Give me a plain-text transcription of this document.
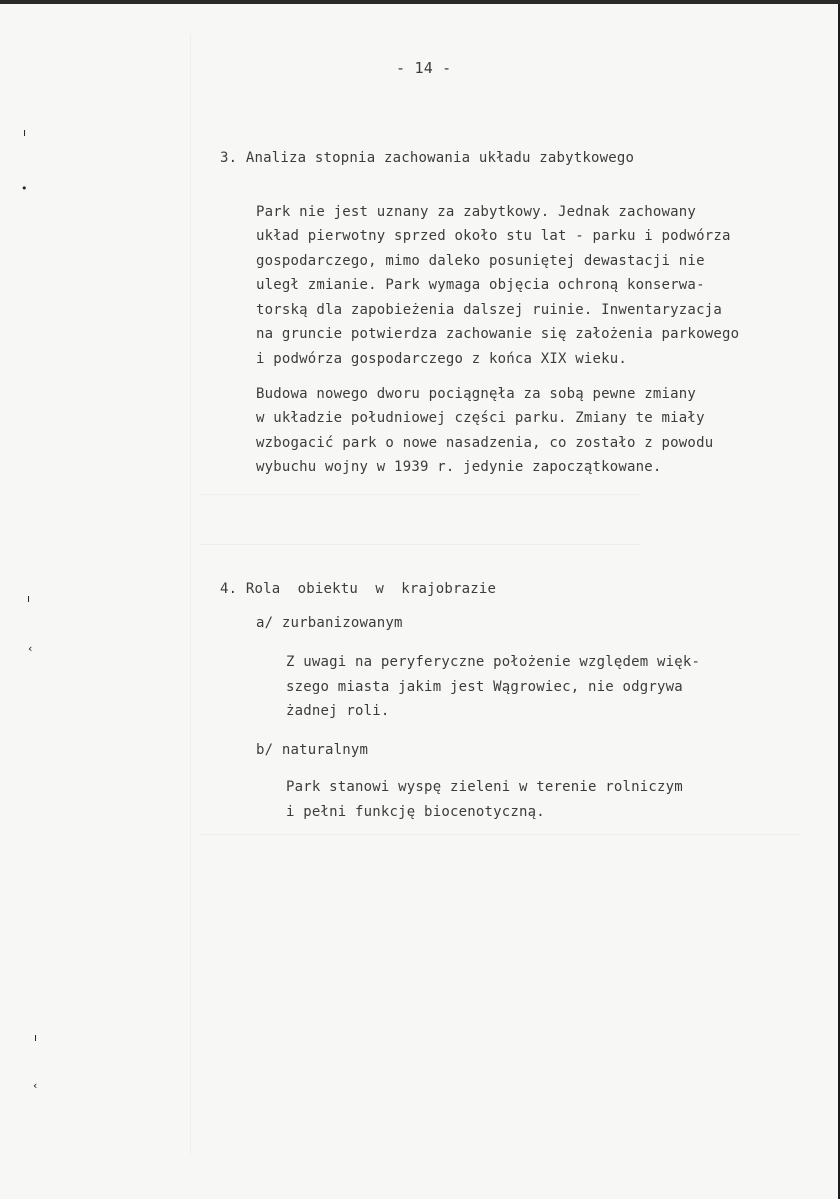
ı
•
ı
‹
ı
‹
- 14 -
3. Analiza stopnia zachowania układu zabytkowego
Park nie jest uznany za zabytkowy. Jednak zachowany
układ pierwotny sprzed około stu lat - parku i podwórza
gospodarczego, mimo daleko posuniętej dewastacji nie
uległ zmianie. Park wymaga objęcia ochroną konserwa-
torską dla zapobieżenia dalszej ruinie. Inwentaryzacja
na gruncie potwierdza zachowanie się założenia parkowego
i podwórza gospodarczego z końca XIX wieku.
Budowa nowego dworu pociągnęła za sobą pewne zmiany
w układzie południowej części parku. Zmiany te miały
wzbogacić park o nowe nasadzenia, co zostało z powodu
wybuchu wojny w 1939 r. jedynie zapoczątkowane.
4. Rola  obiektu  w  krajobrazie
a/ zurbanizowanym
Z uwagi na peryferyczne położenie względem więk-
szego miasta jakim jest Wągrowiec, nie odgrywa
żadnej roli.
b/ naturalnym
Park stanowi wyspę zieleni w terenie rolniczym
i pełni funkcję biocenotyczną.
